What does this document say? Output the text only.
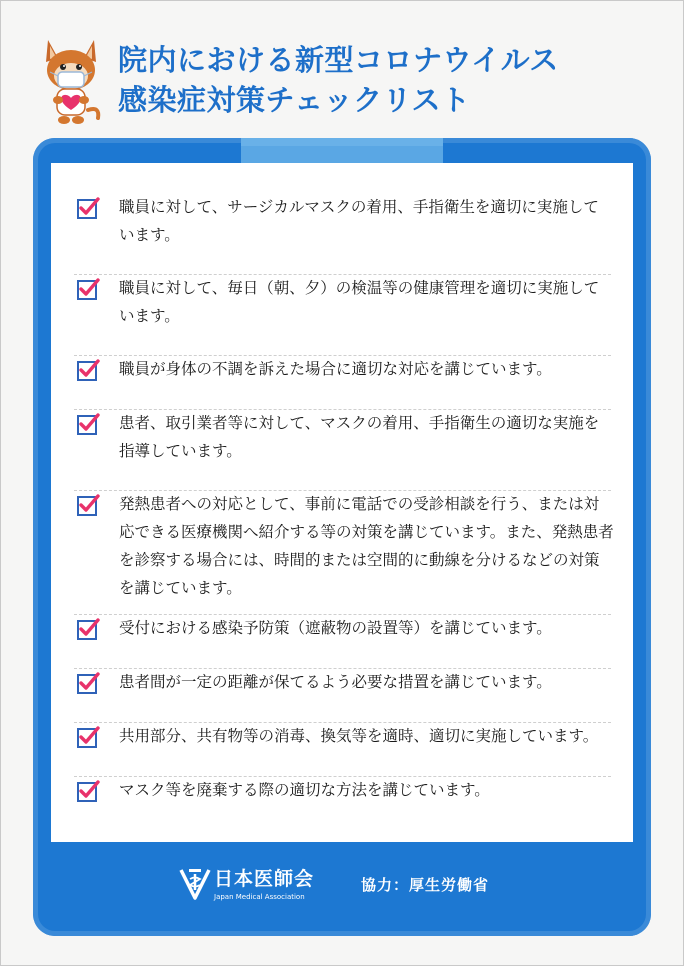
院内における新型コロナウイルス
感染症対策チェックリスト

職員に対して、サージカルマスクの着用、手指衛生を適切に実施しています。

職員に対して、毎日（朝、夕）の検温等の健康管理を適切に実施しています。

職員が身体の不調を訴えた場合に適切な対応を講じています。

患者、取引業者等に対して、マスクの着用、手指衛生の適切な実施を指導しています。

発熱患者への対応として、事前に電話での受診相談を行う、または対応できる医療機関へ紹介する等の対策を講じています。また、発熱患者を診察する場合には、時間的または空間的に動線を分けるなどの対策を講じています。

受付における感染予防策（遮蔽物の設置等）を講じています。

患者間が一定の距離が保てるよう必要な措置を講じています。

共用部分、共有物等の消毒、換気等を適時、適切に実施しています。

マスク等を廃棄する際の適切な方法を講じています。

日本医師会
Japan Medical Association
協力：厚生労働省
